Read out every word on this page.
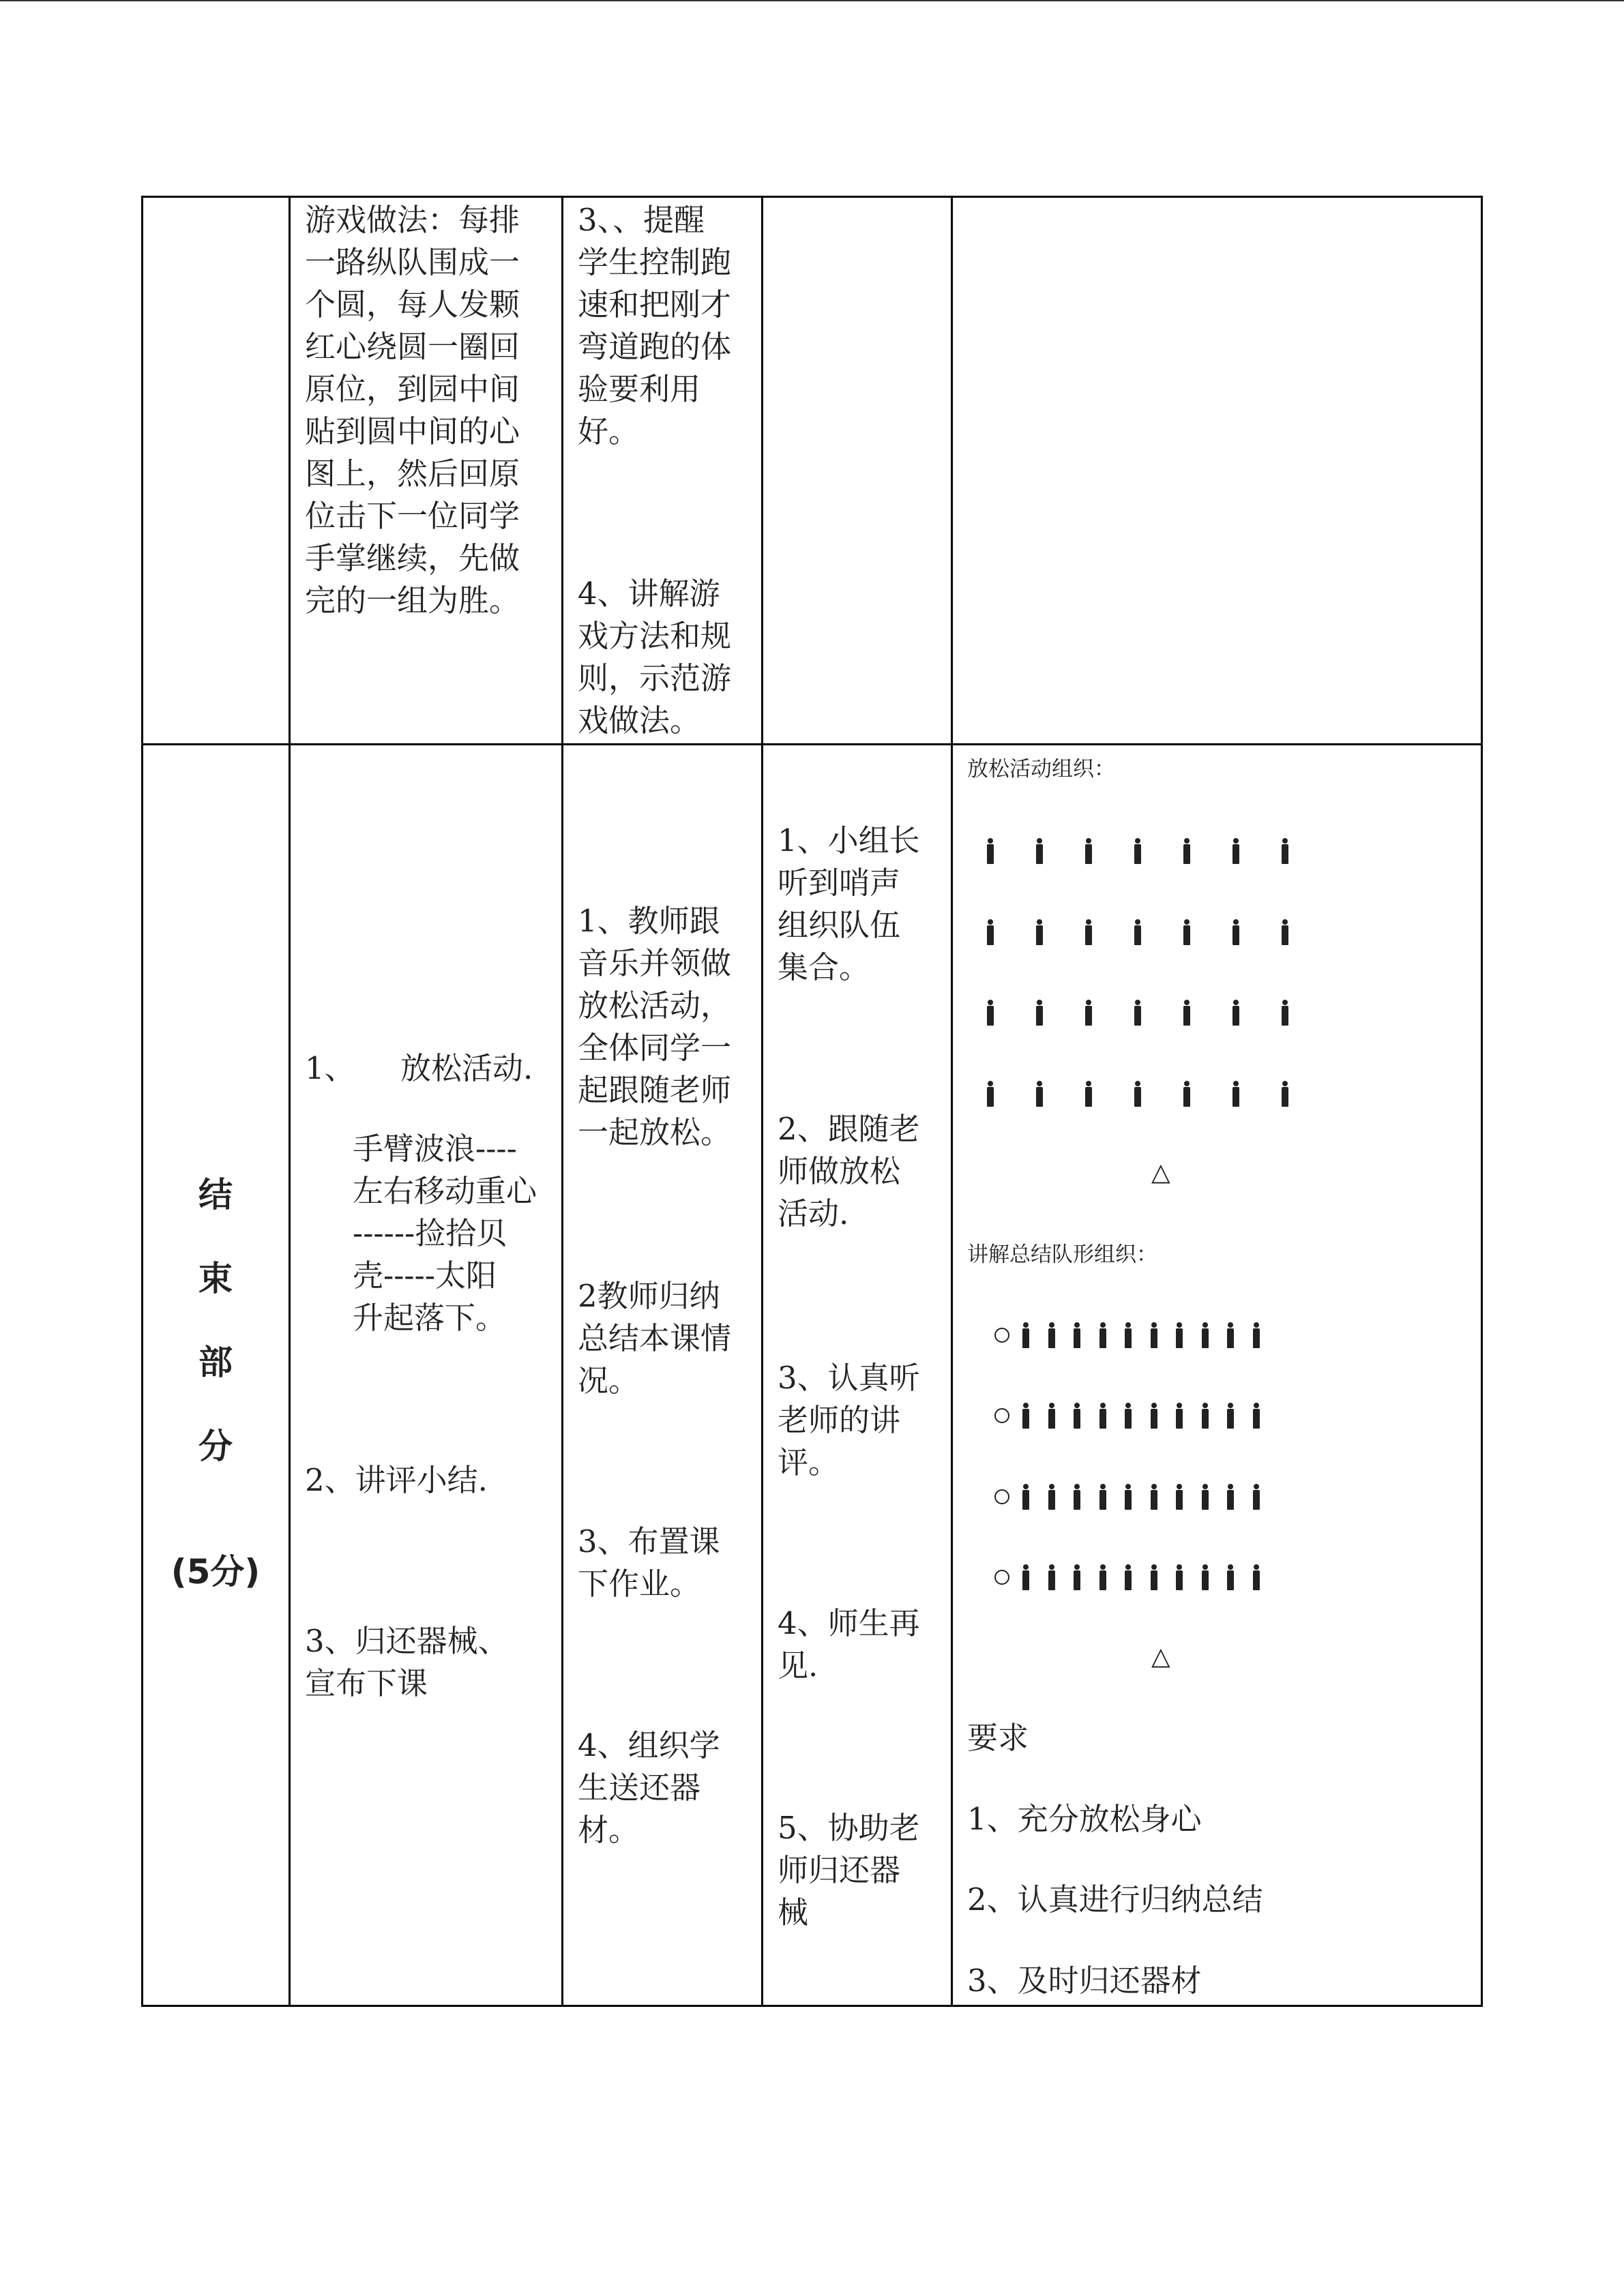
游戏做法：每排
一路纵队围成一
个圆，每人发颗
红心绕圆一圈回
原位，到园中间
贴到圆中间的心
图上，然后回原
位击下一位同学
手掌继续，先做
完的一组为胜。
3、、提醒
学生控制跑
速和把刚才
弯道跑的体
验要利用
好。
4、讲解游
戏方法和规
则，示范游
戏做法。
结
束
部
分
(5分)
1、 放松活动.
手臂波浪----
左右移动重心
------捡拾贝
壳-----太阳
升起落下。
2、讲评小结.
3、归还器械、
宣布下课
1、教师跟
音乐并领做
放松活动，
全体同学一
起跟随老师
一起放松。
2教师归纳
总结本课情
况。
3、布置课
下作业。
4、组织学
生送还器
材。
1、小组长
听到哨声
组织队伍
集合。
2、跟随老
师做放松
活动.
3、认真听
老师的讲
评。
4、师生再
见.
5、协助老
师归还器
械
放松活动组织：
△
讲解总结队形组织：
△
要求
1、充分放松身心
2、认真进行归纳总结
3、及时归还器材
